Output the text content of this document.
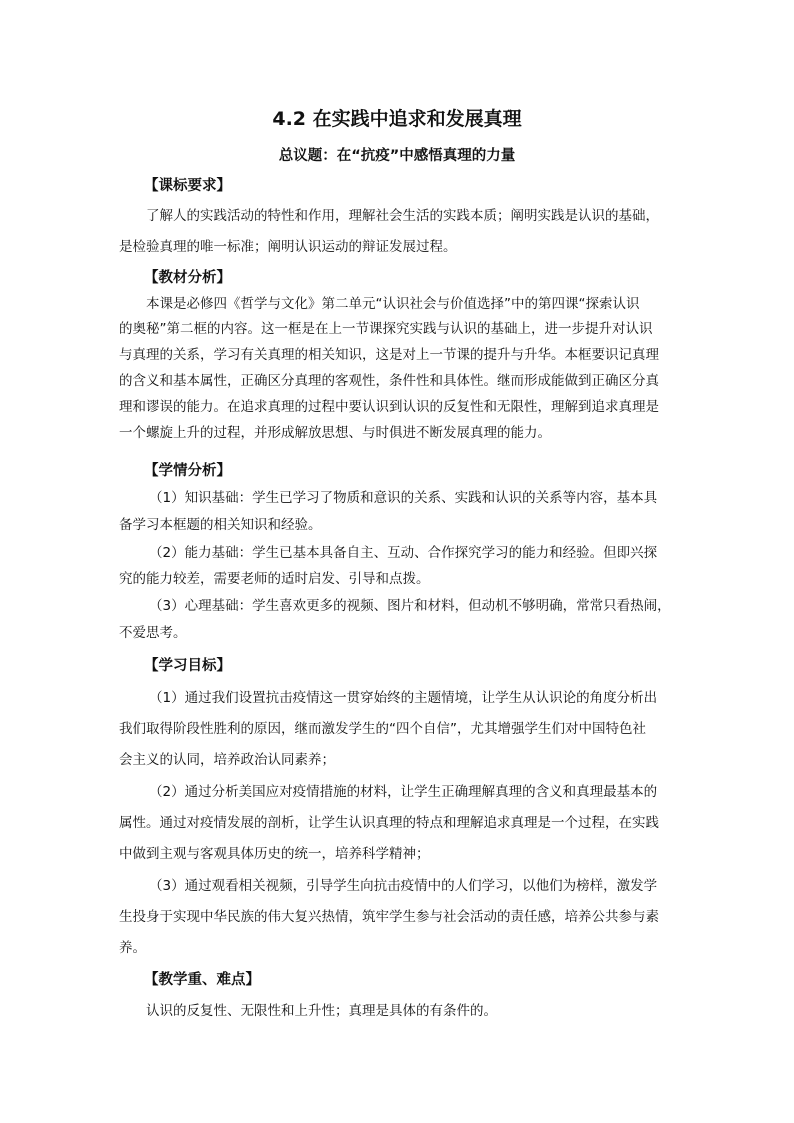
4.2 在实践中追求和发展真理
总议题：在“抗疫”中感悟真理的力量
【课标要求】
了解人的实践活动的特性和作用，理解社会生活的实践本质；阐明实践是认识的基础，
是检验真理的唯一标准；阐明认识运动的辩证发展过程。
【教材分析】
本课是必修四《哲学与文化》第二单元“认识社会与价值选择”中的第四课“探索认识
的奥秘”第二框的内容。这一框是在上一节课探究实践与认识的基础上，进一步提升对认识
与真理的关系，学习有关真理的相关知识，这是对上一节课的提升与升华。本框要识记真理
的含义和基本属性，正确区分真理的客观性，条件性和具体性。继而形成能做到正确区分真
理和谬误的能力。在追求真理的过程中要认识到认识的反复性和无限性，理解到追求真理是
一个螺旋上升的过程，并形成解放思想、与时俱进不断发展真理的能力。
【学情分析】
（1）知识基础：学生已学习了物质和意识的关系、实践和认识的关系等内容，基本具
备学习本框题的相关知识和经验。
（2）能力基础：学生已基本具备自主、互动、合作探究学习的能力和经验。但即兴探
究的能力较差，需要老师的适时启发、引导和点拨。
（3）心理基础：学生喜欢更多的视频、图片和材料，但动机不够明确，常常只看热闹，
不爱思考。
【学习目标】
（1）通过我们设置抗击疫情这一贯穿始终的主题情境，让学生从认识论的角度分析出
我们取得阶段性胜利的原因，继而激发学生的“四个自信”，尤其增强学生们对中国特色社
会主义的认同，培养政治认同素养；
（2）通过分析美国应对疫情措施的材料，让学生正确理解真理的含义和真理最基本的
属性。通过对疫情发展的剖析，让学生认识真理的特点和理解追求真理是一个过程，在实践
中做到主观与客观具体历史的统一，培养科学精神；
（3）通过观看相关视频，引导学生向抗击疫情中的人们学习，以他们为榜样，激发学
生投身于实现中华民族的伟大复兴热情，筑牢学生参与社会活动的责任感，培养公共参与素
养。
【教学重、难点】
认识的反复性、无限性和上升性；真理是具体的有条件的。
